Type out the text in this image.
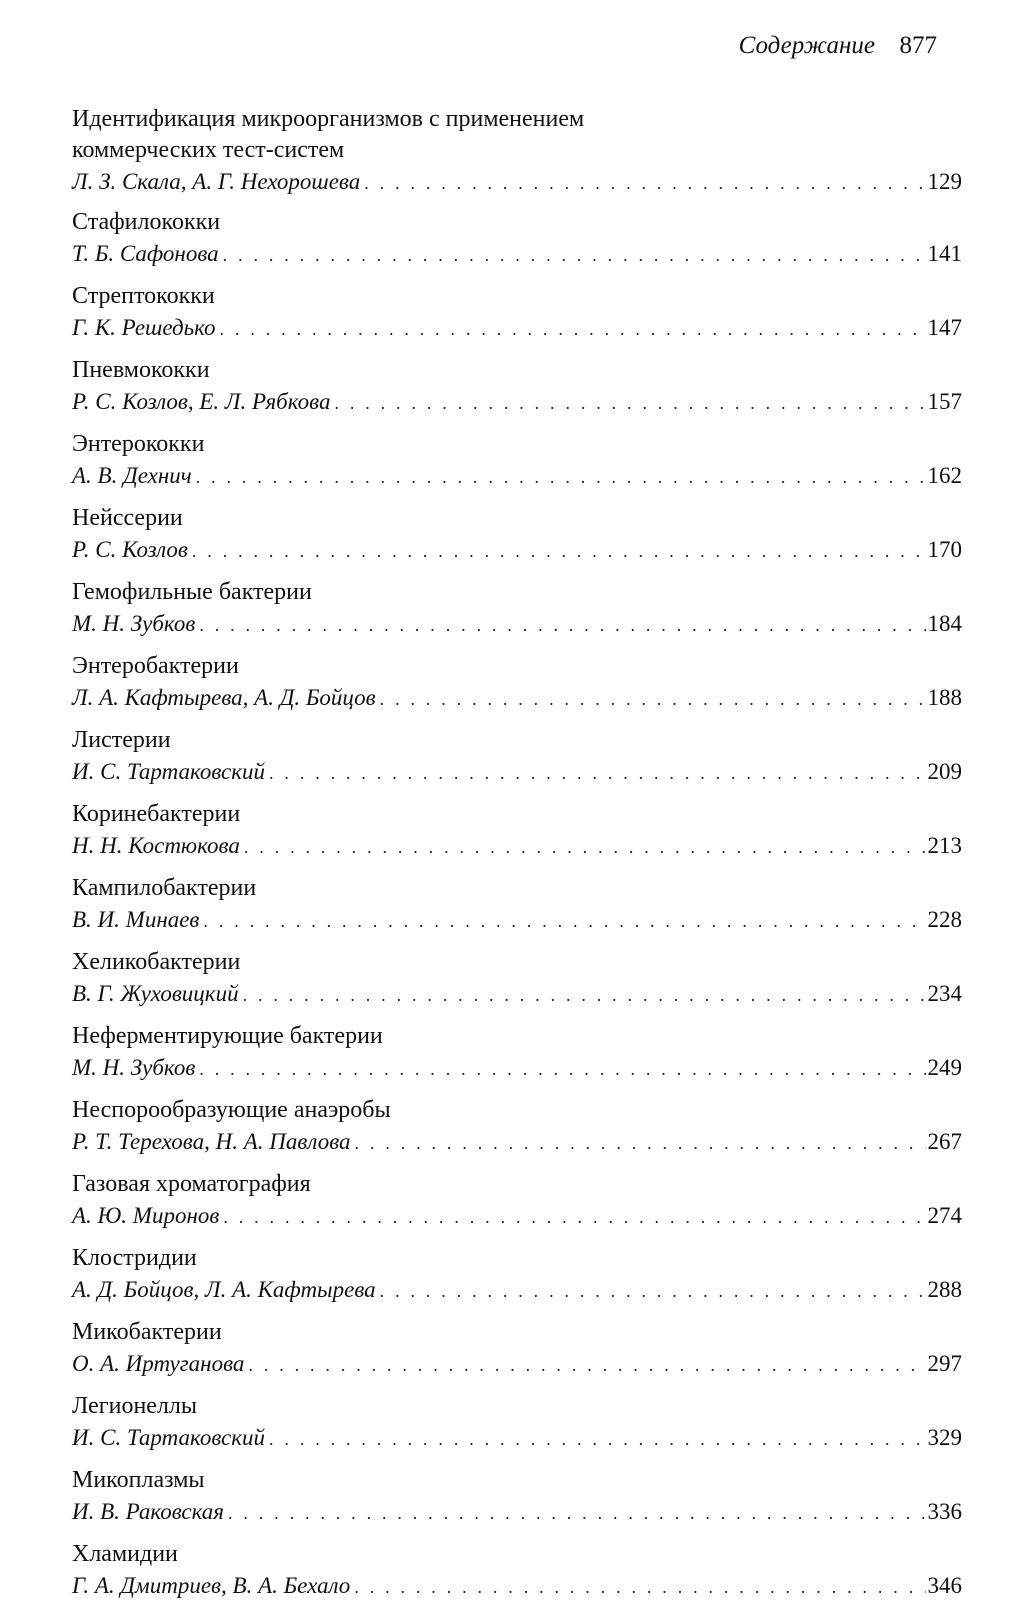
Содержание 877
Идентификация микроорганизмов с применением
коммерческих тест-систем
Л. З. Скала, А. Г. Нехорошева . . .	129
Стафилококки
Т. Б. Сафонова . . .	141
Стрептококки
Г. К. Решедько . . .	147
Пневмококки
Р. С. Козлов, Е. Л. Рябкова . . .	157
Энтерококки
А. В. Дехнич . . .	162
Нейссерии
Р. С. Козлов . . .	170
Гемофильные бактерии
М. Н. Зубков . . .	184
Энтеробактерии
Л. А. Кафтырева, А. Д. Бойцов . . .	188
Листерии
И. С. Тартаковский . . .	209
Коринебактерии
Н. Н. Костюкова . . .	213
Кампилобактерии
В. И. Минаев . . .	228
Хеликобактерии
В. Г. Жуховицкий . . .	234
Неферментирующие бактерии
М. Н. Зубков . . .	249
Неспорообразующие анаэробы
Р. Т. Терехова, Н. А. Павлова . . .	267
Газовая хроматография
А. Ю. Миронов . . .	274
Клостридии
А. Д. Бойцов, Л. А. Кафтырева . . .	288
Микобактерии
О. А. Иртуганова . . .	297
Легионеллы
И. С. Тартаковский . . .	329
Микоплазмы
И. В. Раковская . . .	336
Хламидии
Г. А. Дмитриев, В. А. Бехало . . .	346
